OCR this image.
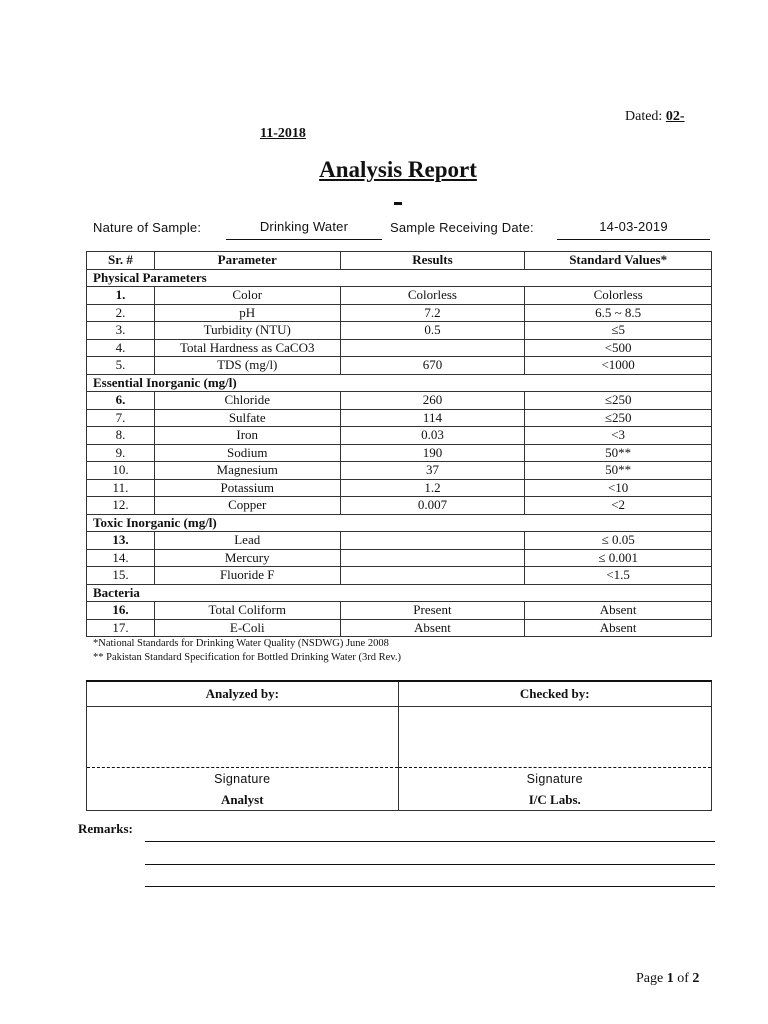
Dated: 02-
11-2018
Analysis Report
Nature of Sample:	Drinking Water	Sample Receiving Date:	14-03-2019
Sr. #	Parameter	Results	Standard Values*
Physical Parameters			
1.	Color	Colorless	Colorless
2.	pH	7.2	6.5 ~ 8.5
3.	Turbidity (NTU)	0.5	≤5
4.	Total Hardness as CaCO3		<500
5.	TDS (mg/l)	670	<1000
Essential Inorganic (mg/l)			
6.	Chloride	260	≤250
7.	Sulfate	114	≤250
8.	Iron	0.03	<3
9.	Sodium	190	50**
10.	Magnesium	37	50**
11.	Potassium	1.2	<10
12.	Copper	0.007	<2
Toxic Inorganic (mg/l)			
13.	Lead		≤ 0.05
14.	Mercury		≤ 0.001
15.	Fluoride F		<1.5
Bacteria			
16.	Total Coliform	Present	Absent
17.	E-Coli	Absent	Absent
*National Standards for Drinking Water Quality (NSDWG) June 2008
** Pakistan Standard Specification for Bottled Drinking Water (3rd Rev.)
Analyzed by:	Checked by:

Signature	Signature
Analyst	I/C Labs.
Remarks:
Page 1 of 2
